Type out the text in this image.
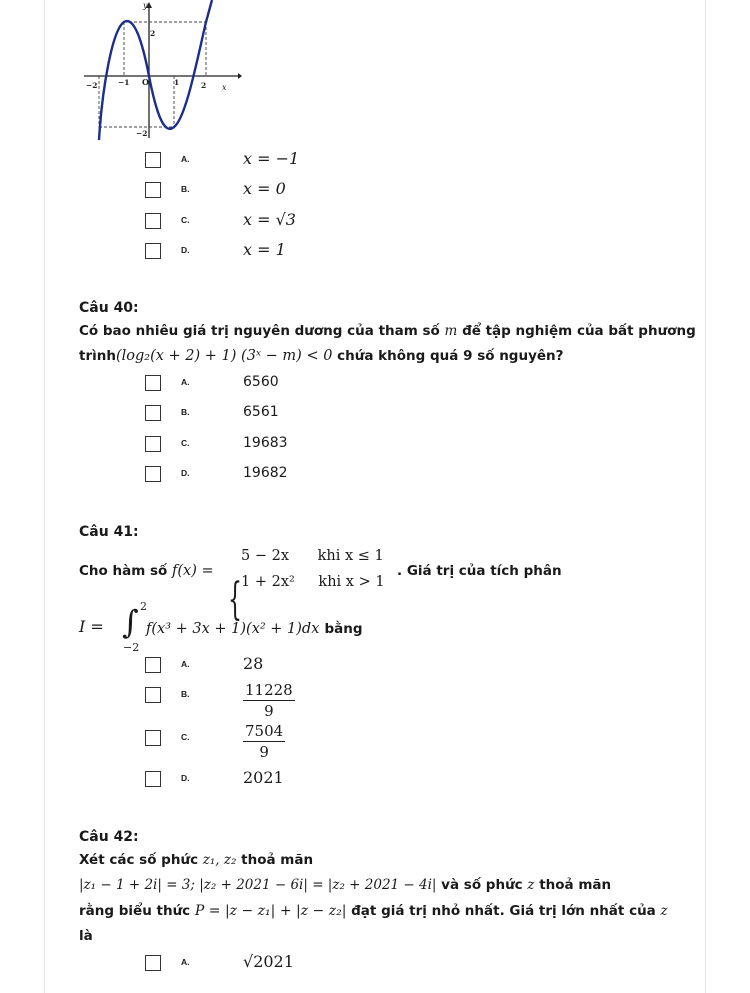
y
x
O
2
−2
−2	−1	1	2
A.	x = −1
B.	x = 0
C.	x = √3
D.	x = 1
Câu 40:
Có bao nhiêu giá trị nguyên dương của tham số m để tập nghiệm của bất phương
trình(log₂(x + 2) + 1) (3ˣ − m) < 0 chứa không quá 9 số nguyên?
A.	6560
B.	6561
C.	19683
D.	19682
Câu 41:
Cho hàm số f(x) =
{
5 − 2x khi x ≤ 1
1 + 2x² khi x > 1
. Giá trị của tích phân
I = ∫ 2
−2
f(x³ + 3x + 1)(x² + 1)dx bằng
A.	28
B.	$\frac{11228}{9}$
C.	$\frac{7504}{9}$
D.	2021
Câu 42:
Xét các số phức z₁, z₂ thoả mãn
|z₁ − 1 + 2i| = 3; |z₂ + 2021 − 6i| = |z₂ + 2021 − 4i| và số phức z thoả mãn
rằng biểu thức P = |z − z₁| + |z − z₂| đạt giá trị nhỏ nhất. Giá trị lớn nhất của z
là
A.	√2021
